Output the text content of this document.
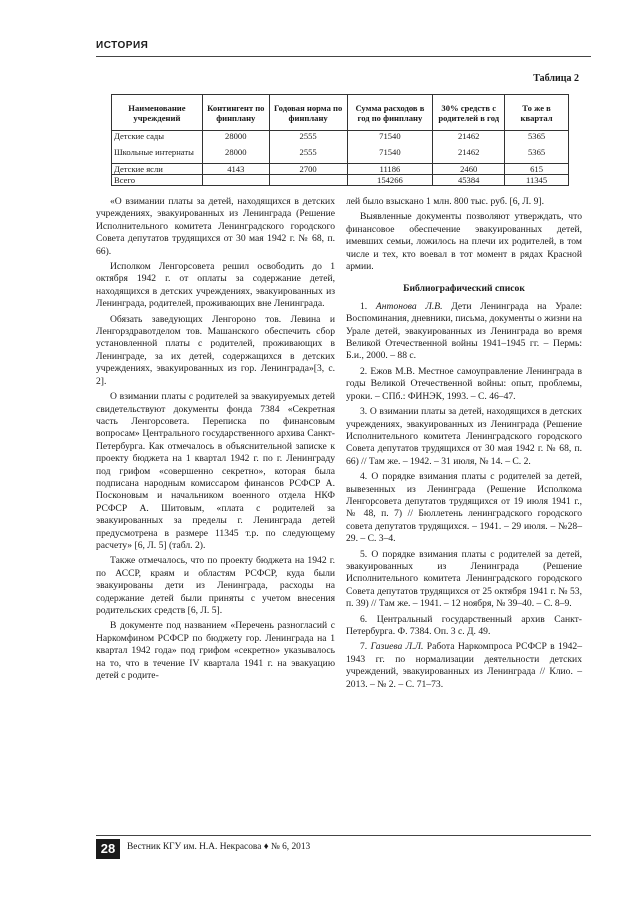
ИСТОРИЯ
Таблица 2
Наименование учреждений	Контингент по финплану	Годовая норма по финплану	Сумма расходов в год по финплану	30% средств с родителей в год	То же в квартал
Детские сады	28000	2555	71540	21462	5365
Школьные интернаты	28000	2555	71540	21462	5365
Детские ясли	4143	2700	11186	2460	615
Всего			154266	45384	11345

«О взимании платы за детей, находящихся в детских учреждениях, эвакуированных из Ленинграда (Решение Исполнительного комитета Ленинградского городского Совета депутатов трудящихся от 30 мая 1942 г. № 68, п. 66).

Исполком Ленгорсовета решил освободить до 1 октября 1942 г. от оплаты за содержание детей, находящихся в детских учреждениях, эвакуированных из Ленинграда, родителей, проживающих вне Ленинграда.

Обязать заведующих Ленгороно тов. Левина и Ленгорздравотделом тов. Машанского обеспечить сбор установленной платы с родителей, проживающих в Ленинграде, за их детей, содержащихся в детских учреждениях, эвакуированных из гор. Ленинграда»[3, с. 2].

О взимании платы с родителей за эвакуируемых детей свидетельствуют документы фонда 7384 «Секретная часть Ленгорсовета. Переписка по финансовым вопросам» Центрального государственного архива Санкт-Петербурга. Как отмечалось в объяснительной записке к проекту бюджета на 1 квартал 1942 г. по г. Ленинграду под грифом «совершенно секретно», которая была подписана народным комиссаром финансов РСФСР А. Посконовым и начальником военного отдела НКФ РСФСР А. Шитовым, «плата с родителей за эвакуированных за пределы г. Ленинграда детей предусмотрена в размере 11345 т.р. по следующему расчету» [6, Л. 5] (табл. 2).

Также отмечалось, что по проекту бюджета на 1942 г. по АССР, краям и областям РСФСР, куда были эвакуированы дети из Ленинграда, расходы на содержание детей были приняты с учетом внесения родительских средств [6, Л. 5].

В документе под названием «Перечень разногласий с Наркомфином РСФСР по бюджету гор. Ленинграда на 1 квартал 1942 года» под грифом «секретно» указывалось на то, что в течение IV квартала 1941 г. на эвакуацию детей с родите-

лей было взыскано 1 млн. 800 тыс. руб. [6, Л. 9].

Выявленные документы позволяют утверждать, что финансовое обеспечение эвакуированных детей, имевших семьи, ложилось на плечи их родителей, в том числе и тех, кто воевал в тот момент в рядах Красной армии.

Библиографический список

1. Антонова Л.В. Дети Ленинграда на Урале: Воспоминания, дневники, письма, документы о жизни на Урале детей, эвакуированных из Ленинграда во время Великой Отечественной войны 1941–1945 гг. – Пермь: Б.и., 2000. – 88 с.

2. Ежов М.В. Местное самоуправление Ленинграда в годы Великой Отечественной войны: опыт, проблемы, уроки. – СПб.: ФИНЭК, 1993. – С. 46–47.

3. О взимании платы за детей, находящихся в детских учреждениях, эвакуированных из Ленинграда (Решение Исполнительного комитета Ленинградского городского Совета депутатов трудящихся от 30 мая 1942 г. № 68, п. 66) // Там же. – 1942. – 31 июля, № 14. – С. 2.

4. О порядке взимания платы с родителей за детей, вывезенных из Ленинграда (Решение Исполкома Ленгорсовета депутатов трудящихся от 19 июля 1941 г., № 48, п. 7) // Бюллетень ленинградского городского совета депутатов трудящихся. – 1941. – 29 июля. – №28–29. – С. 3–4.

5. О порядке взимания платы с родителей за детей, эвакуированных из Ленинграда (Решение Исполнительного комитета Ленинградского городского Совета депутатов трудящихся от 25 октября 1941 г. № 53, п. 39) // Там же. – 1941. – 12 ноября, № 39–40. – С. 8–9.

6. Центральный государственный архив Санкт-Петербурга. Ф. 7384. Оп. 3 с. Д. 49.

7. Газиева Л.Л. Работа Наркомпроса РСФСР в 1942–1943 гг. по нормализации деятельности детских учреждений, эвакуированных из Ленинграда // Клио. – 2013. – № 2. – С. 71–73.

28	Вестник КГУ им. Н.А. Некрасова ♦ № 6, 2013
